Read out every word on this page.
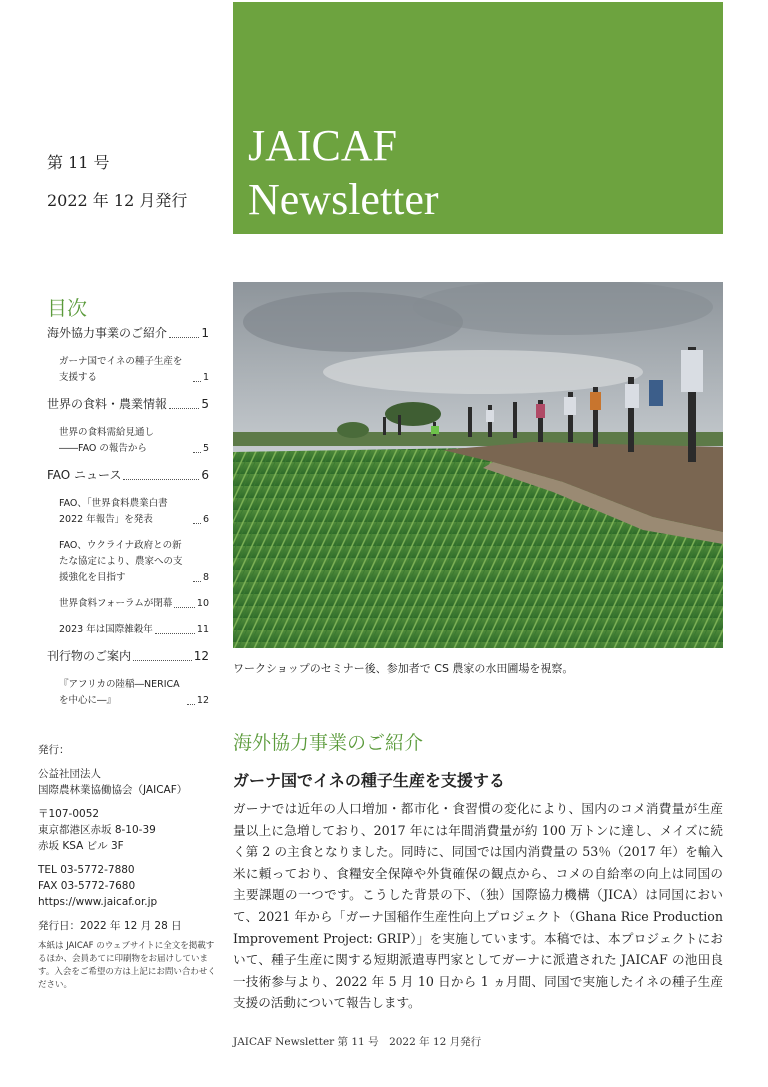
JAICAF
Newsletter
第 11 号
2022 年 12 月発行
目次
海外協力事業のご紹介	1
ガーナ国でイネの種子生産を支援する	1
世界の食料・農業情報	5
世界の食料需給見通し――FAO の報告から	5
FAO ニュース	6
FAO、「世界食料農業白書 2022 年報告」を発表	6
FAO、ウクライナ政府との新たな協定により、農家への支援強化を目指す	8
世界食料フォーラムが閉幕	10
2023 年は国際雑穀年	11
刊行物のご案内	12
『アフリカの陸稲―NERICA を中心に―』	12
ワークショップのセミナー後、参加者で CS 農家の水田圃場を視察。
海外協力事業のご紹介
ガーナ国でイネの種子生産を支援する
ガーナでは近年の人口増加・都市化・食習慣の変化により、国内のコメ消費量が生産量以上に急増しており、2017 年には年間消費量が約 100 万トンに達し、メイズに続く第 2 の主食となりました。同時に、同国では国内消費量の 53％（2017 年）を輸入米に頼っており、食糧安全保障や外貨確保の観点から、コメの自給率の向上は同国の主要課題の一つです。こうした背景の下、（独）国際協力機構（JICA）は同国において、2021 年から「ガーナ国稲作生産性向上プロジェクト（Ghana Rice Production Improvement Project: GRIP）」を実施しています。本稿では、本プロジェクトにおいて、種子生産に関する短期派遣専門家としてガーナに派遣された JAICAF の池田良一技術参与より、2022 年 5 月 10 日から 1 ヵ月間、同国で実施したイネの種子生産支援の活動について報告します。

発行：

公益社団法人
国際農林業協働協会（JAICAF）
〒107-0052
東京都港区赤坂 8-10-39
赤坂 KSA ビル 3F
TEL 03-5772-7880
FAX 03-5772-7680
https://www.jaicaf.or.jp
発行日：2022 年 12 月 28 日
本紙は JAICAF のウェブサイトに全文を掲載するほか、会員あてに印刷物をお届けしています。入会をご希望の方は上記にお問い合わせください。
JAICAF Newsletter 第 11 号　2022 年 12 月発行
